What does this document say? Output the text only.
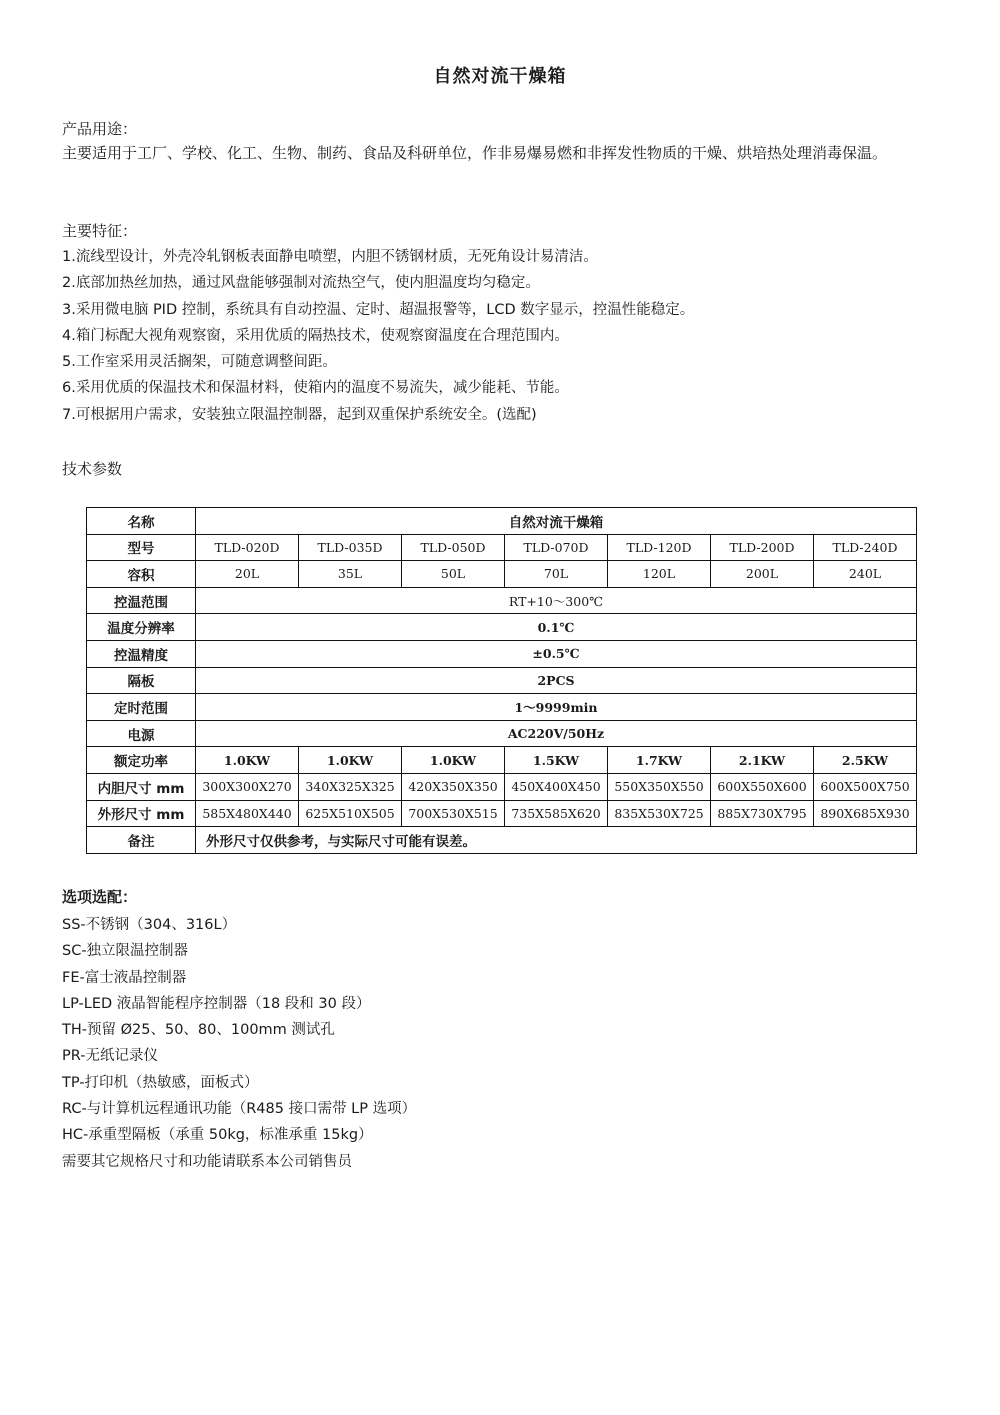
自然对流干燥箱
产品用途：
主要适用于工厂、学校、化工、生物、制药、食品及科研单位，作非易爆易燃和非挥发性物质的干燥、烘培热处理消毒保温。
主要特征：
1.流线型设计，外壳冷轧钢板表面静电喷塑，内胆不锈钢材质，无死角设计易清洁。
2.底部加热丝加热，通过风盘能够强制对流热空气，使内胆温度均匀稳定。
3.采用微电脑 PID 控制，系统具有自动控温、定时、超温报警等，LCD 数字显示，控温性能稳定。
4.箱门标配大视角观察窗，采用优质的隔热技术，使观察窗温度在合理范围内。
5.工作室采用灵活搁架，可随意调整间距。
6.采用优质的保温技术和保温材料，使箱内的温度不易流失，减少能耗、节能。
7.可根据用户需求，安装独立限温控制器，起到双重保护系统安全。(选配)
技术参数
名称	自然对流干燥箱						
型号	TLD-020D	TLD-035D	TLD-050D	TLD-070D	TLD-120D	TLD-200D	TLD-240D
容积	20L	35L	50L	70L	120L	200L	240L
控温范围	RT+10～300℃						
温度分辨率	0.1℃						
控温精度	±0.5℃						
隔板	2PCS						
定时范围	1～9999min						
电源	AC220V/50Hz						
额定功率	1.0KW	1.0KW	1.0KW	1.5KW	1.7KW	2.1KW	2.5KW
内胆尺寸 mm	300X300X270	340X325X325	420X350X350	450X400X450	550X350X550	600X550X600	600X500X750
外形尺寸 mm	585X480X440	625X510X505	700X530X515	735X585X620	835X530X725	885X730X795	890X685X930
备注	外形尺寸仅供参考，与实际尺寸可能有误差。						
选项选配：
SS-不锈钢（304、316L）
SC-独立限温控制器
FE-富士液晶控制器
LP-LED 液晶智能程序控制器（18 段和 30 段）
TH-预留 Ø25、50、80、100mm 测试孔
PR-无纸记录仪
TP-打印机（热敏感，面板式）
RC-与计算机远程通讯功能（R485 接口需带 LP 选项）
HC-承重型隔板（承重 50kg，标准承重 15kg）
需要其它规格尺寸和功能请联系本公司销售员
